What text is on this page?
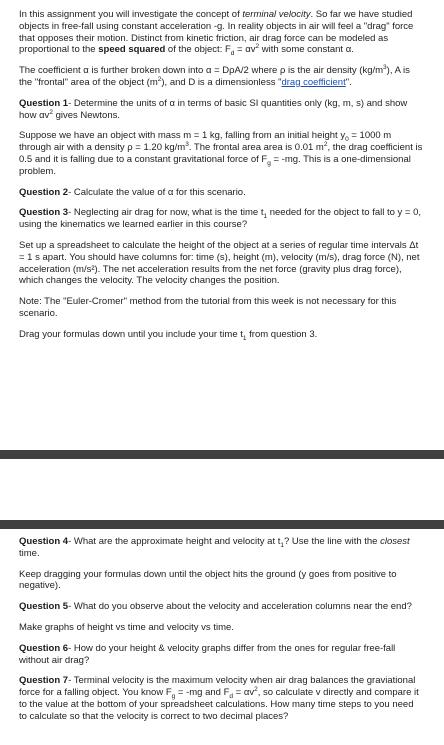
In this assignment you will investigate the concept of terminal velocity. So far we have studied objects in free-fall using constant acceleration -g. In reality objects in air will feel a "drag" force that opposes their motion. Distinct from kinetic friction, air drag force can be modeled as proportional to the speed squared of the object: $F_d = \alpha v^2$ with some constant α.

The coefficient α is further broken down into α = DρA/2 where ρ is the air density $(kg/m^3)$, A is the "frontal" area of the object $(m^2)$, and D is a dimensionless "drag coefficient".

Question 1- Determine the units of α in terms of basic SI quantities only (kg, m, s) and show how $\alpha v^2$ gives Newtons.

Suppose we have an object with mass m = 1 kg, falling from an initial height $y_0 = 1000$ m through air with a density ρ = 1.20 $kg/m^3$. The frontal area area is 0.01 $m^2$, the drag coefficient is 0.5 and it is falling due to a constant gravitational force of $F_g = -mg$. This is a one-dimensional problem.

Question 2- Calculate the value of α for this scenario.

Question 3- Neglecting air drag for now, what is the time $t_1$ needed for the object to fall to y = 0, using the kinematics we learned earlier in this course?

Set up a spreadsheet to calculate the height of the object at a series of regular time intervals Δt = 1 s apart. You should have columns for: time (s), height (m), velocity (m/s), drag force (N), net acceleration (m/s²). The net acceleration results from the net force (gravity plus drag force), which changes the velocity. The velocity changes the position.

Note: The "Euler-Cromer" method from the tutorial from this week is not necessary for this scenario.

Drag your formulas down until you include your time $t_1$ from question 3.

Question 4- What are the approximate height and velocity at $t_1$? Use the line with the closest time.

Keep dragging your formulas down until the object hits the ground (y goes from positive to negative).

Question 5- What do you observe about the velocity and acceleration columns near the end?

Make graphs of height vs time and velocity vs time.

Question 6- How do your height & velocity graphs differ from the ones for regular free-fall without air drag?

Question 7- Terminal velocity is the maximum velocity when air drag balances the graviational force for a falling object. You know $F_g = -mg$ and $F_d = \alpha v^2$, so calculate v directly and compare it to the value at the bottom of your spreadsheet calculations. How many time steps to you need to calculate so that the velocity is correct to two decimal places?
